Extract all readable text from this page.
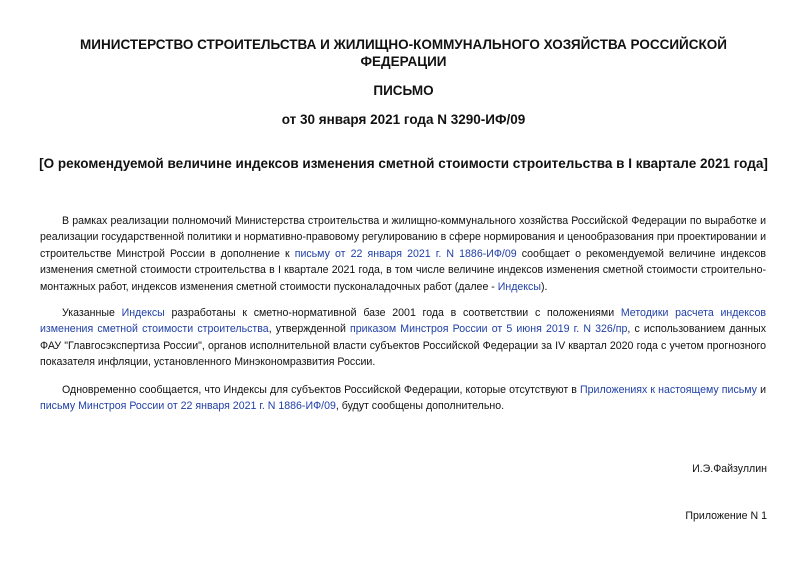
МИНИСТЕРСТВО СТРОИТЕЛЬСТВА И ЖИЛИЩНО-КОММУНАЛЬНОГО ХОЗЯЙСТВА РОССИЙСКОЙ ФЕДЕРАЦИИ

ПИСЬМО

от 30 января 2021 года N 3290-ИФ/09

[О рекомендуемой величине индексов изменения сметной стоимости строительства в I квартале 2021 года]

В рамках реализации полномочий Министерства строительства и жилищно-коммунального хозяйства Российской Федерации по выработке и реализации государственной политики и нормативно-правовому регулированию в сфере нормирования и ценообразования при проектировании и строительстве Минстрой России в дополнение к письму от 22 января 2021 г. N 1886-ИФ/09 сообщает о рекомендуемой величине индексов изменения сметной стоимости строительства в I квартале 2021 года, в том числе величине индексов изменения сметной стоимости строительно-монтажных работ, индексов изменения сметной стоимости пусконаладочных работ (далее - Индексы).

Указанные Индексы разработаны к сметно-нормативной базе 2001 года в соответствии с положениями Методики расчета индексов изменения сметной стоимости строительства, утвержденной приказом Минстроя России от 5 июня 2019 г. N 326/пр, с использованием данных ФАУ "Главгосэкспертиза России", органов исполнительной власти субъектов Российской Федерации за IV квартал 2020 года с учетом прогнозного показателя инфляции, установленного Минэкономразвития России.

Одновременно сообщается, что Индексы для субъектов Российской Федерации, которые отсутствуют в Приложениях к настоящему письму и письму Минстроя России от 22 января 2021 г. N 1886-ИФ/09, будут сообщены дополнительно.

И.Э.Файзуллин

Приложение N 1
